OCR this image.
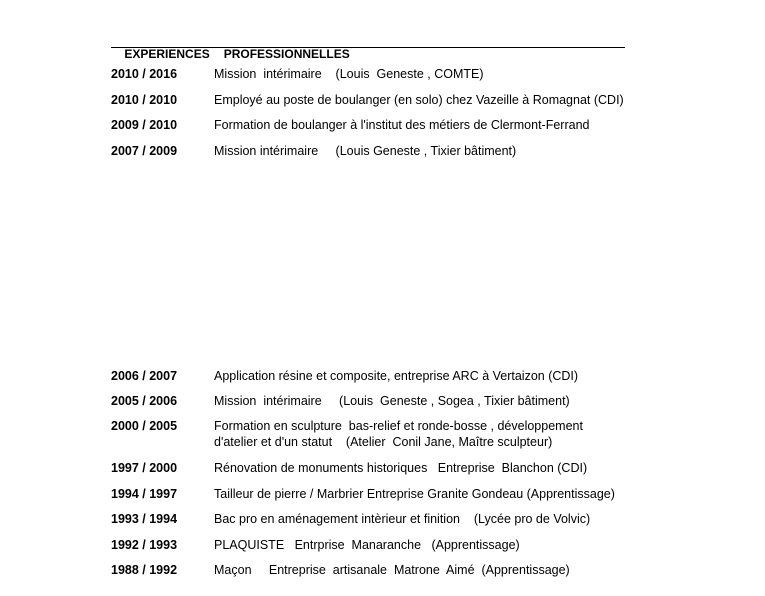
EXPERIENCES PROFESSIONNELLES

2010 / 2016	Mission  intérimaire    (Louis  Geneste , COMTE)
2010 / 2010	Employé au poste de boulanger (en solo) chez Vazeille à Romagnat (CDI)
2009 / 2010	Formation de boulanger à l'institut des métiers de Clermont-Ferrand
2007 / 2009	Mission intérimaire     (Louis Geneste , Tixier bâtiment)
2006 / 2007	Application résine et composite, entreprise ARC à Vertaizon (CDI)
2005 / 2006	Mission  intérimaire     (Louis  Geneste , Sogea , Tixier bâtiment)
2000 / 2005	Formation en sculpture  bas-relief et ronde-bosse , développement
d'atelier et d'un statut    (Atelier  Conil Jane, Maître sculpteur)
1997 / 2000	Rénovation de monuments historiques   Entreprise  Blanchon (CDI)
1994 / 1997	Tailleur de pierre / Marbrier Entreprise Granite Gondeau (Apprentissage)
1993 / 1994	Bac pro en aménagement intèrieur et finition    (Lycée pro de Volvic)
1992 / 1993	PLAQUISTE   Entrprise  Manaranche   (Apprentissage)
1988 / 1992	Maçon     Entreprise  artisanale  Matrone  Aimé  (Apprentissage)
